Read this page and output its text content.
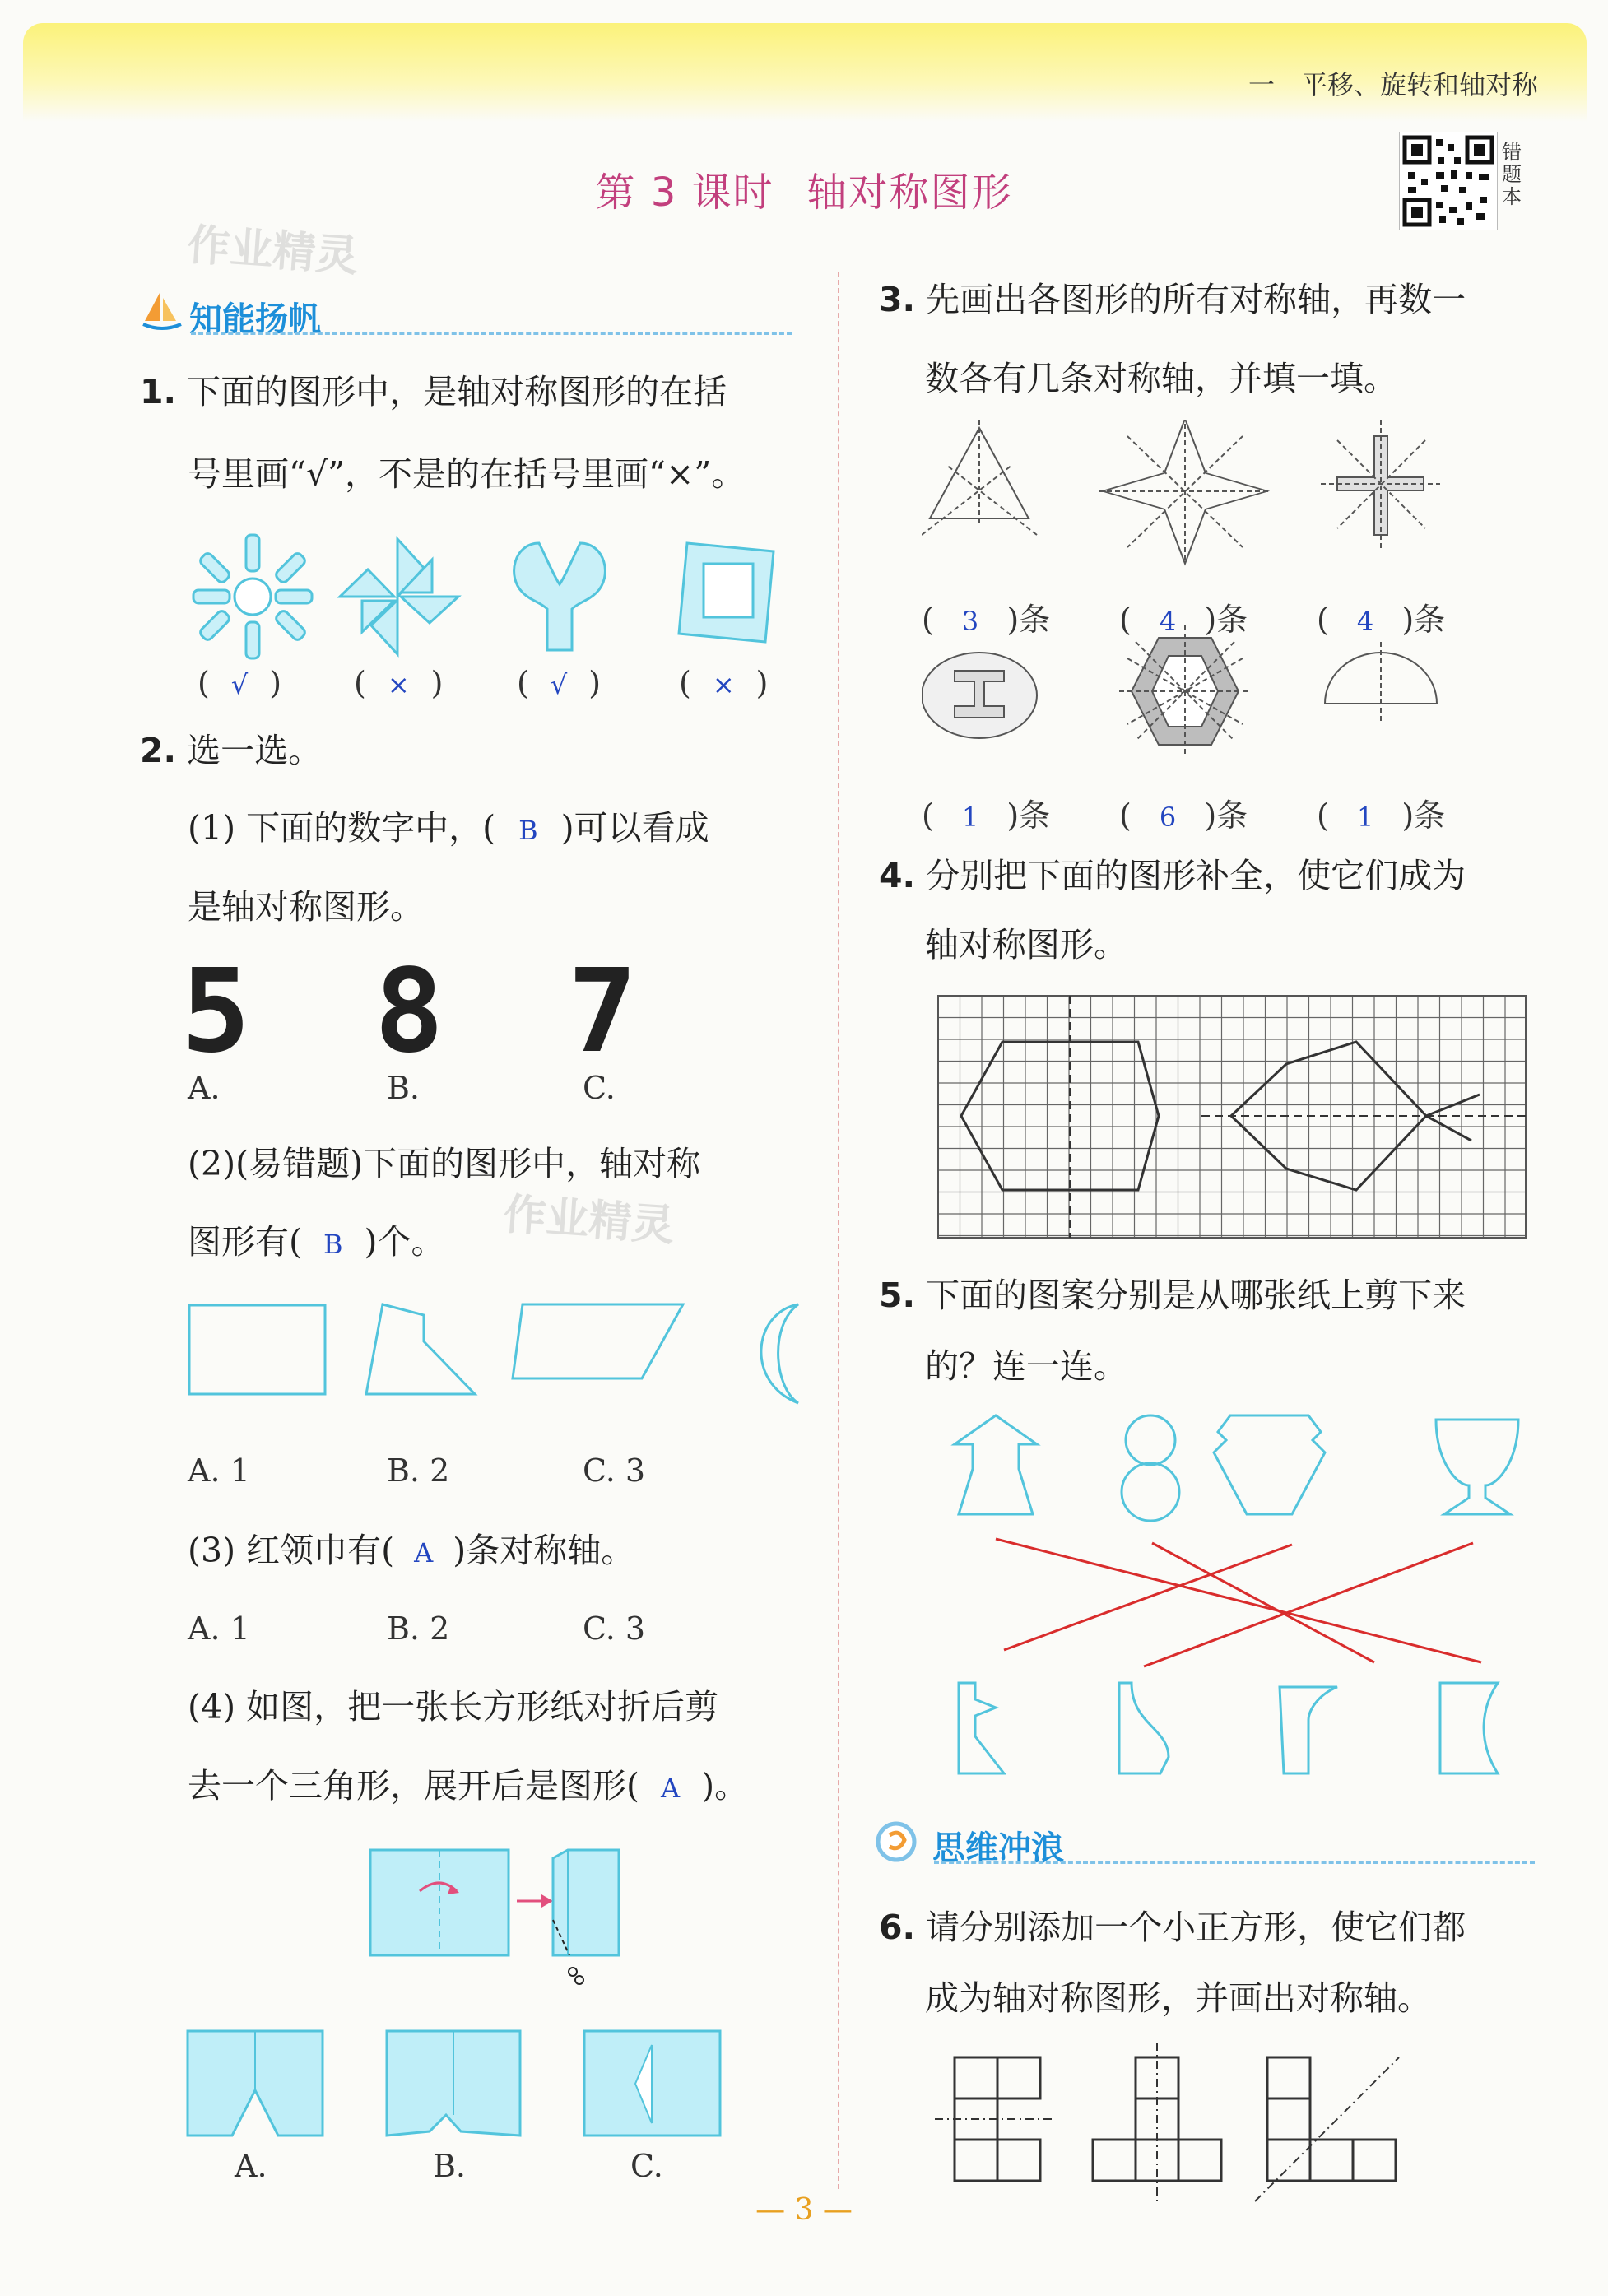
一　平移、旋转和轴对称
第 3 课时 轴对称图形
错
题
本
作业精灵
作业精灵
知能扬帆
思维冲浪
1. 下面的图形中，是轴对称图形的在括
号里画“√”，不是的在括号里画“×”。
( √ )	( × )	( √ )	( × )
2. 选一选。
(1) 下面的数字中，( B )可以看成
是轴对称图形。
5 8 7
A.	B.	C.
(2)(易错题)下面的图形中，轴对称
图形有( B )个。
A. 1	B. 2	C. 3
(3) 红领巾有( A )条对称轴。
A. 1	B. 2	C. 3
(4) 如图，把一张长方形纸对折后剪
去一个三角形，展开后是图形( A )。
A.	B.	C.
3. 先画出各图形的所有对称轴，再数一
数各有几条对称轴，并填一填。
( 3 )条 ( 4 )条 ( 4 )条
( 1 )条 ( 6 )条 ( 1 )条
4. 分别把下面的图形补全，使它们成为
轴对称图形。
5. 下面的图案分别是从哪张纸上剪下来
的？连一连。
6. 请分别添加一个小正方形，使它们都
成为轴对称图形，并画出对称轴。
— 3 —
